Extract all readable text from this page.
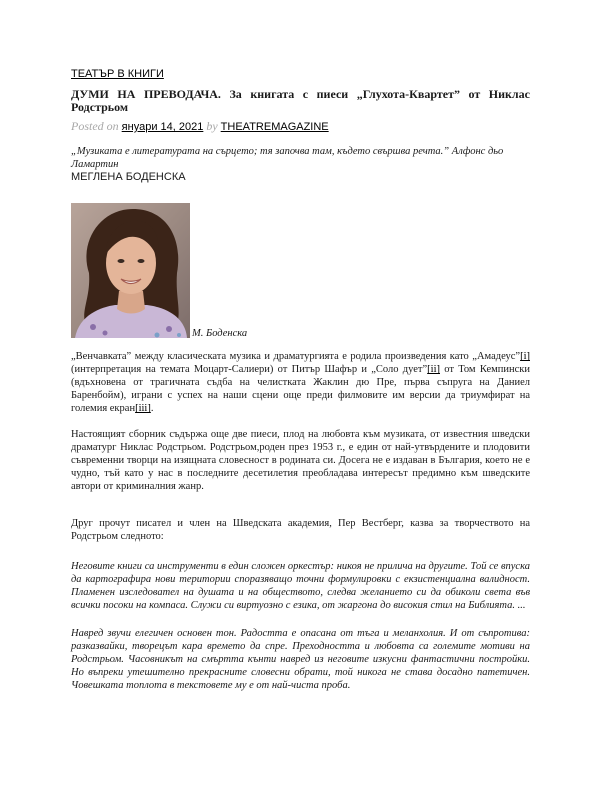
ТЕАТЪР В КНИГИ
ДУМИ НА ПРЕВОДАЧА. За книгата с пиеси „Глухота-Квартет” от Никлас Родстрьом
Posted on януари 14, 2021 by THEATREMAGAZINE

„Музиката е литературата на сърцето; тя започва там, където свършва речта.” Алфонс дьо Ламартин

МЕГЛЕНА БОДЕНСКА
М. Боденска

„Венчавката” между класическата музика и драматургията е родила произведения като „Амадеус”[i] (интерпретация на темата Моцарт-Салиери) от Питър Шафър и „Соло дует”[ii] от Том Кемпински (вдъхновена от трагичната съдба на челистката Жаклин дю Пре, първа съпруга на Даниел Баренбойм), играни с успех на наши сцени още преди филмовите им версии да триумфират на големия екран[iii].

Настоящият сборник съдържа още две пиеси, плод на любовта към музиката, от известния шведски драматург Никлас Родстрьом. Родстрьом,роден през 1953 г., е един от най-утвърдените и плодовити съвременни творци на изящната словесност в родината си. Досега не е издаван в България, което не е чудно, тъй като у нас в последните десетилетия преобладава интересът предимно към шведските автори от криминалния жанр.

Друг прочут писател и член на Шведската академия, Пер Вестберг, казва за творчеството на Родстрьом следното:

Неговите книги са инструменти в един сложен оркестър: никоя не прилича на другите. Той се впуска да картографира нови територии споразяващо точни формулировки с екзистенциална валидност. Пламенен изследовател на душата и на обществото, следва желанието си да обиколи света във всички посоки на компаса. Служи си виртуозно с езика, от жаргона до високия стил на Библията. ...

Навред звучи елегичен основен тон. Радостта е опасана от тъга и меланхолия. И от съпротива: разказвайки, творецът кара времето да спре. Преходността и любовта са големите мотиви на Родстрьом. Часовникът на смъртта кънти навред из неговите изкусни фантастични постройки. Но въпреки утешително прекрасните словесни обрати, той никога не става досадно патетичен. Човешката топлота в текстовете му е от най-чиста проба.
